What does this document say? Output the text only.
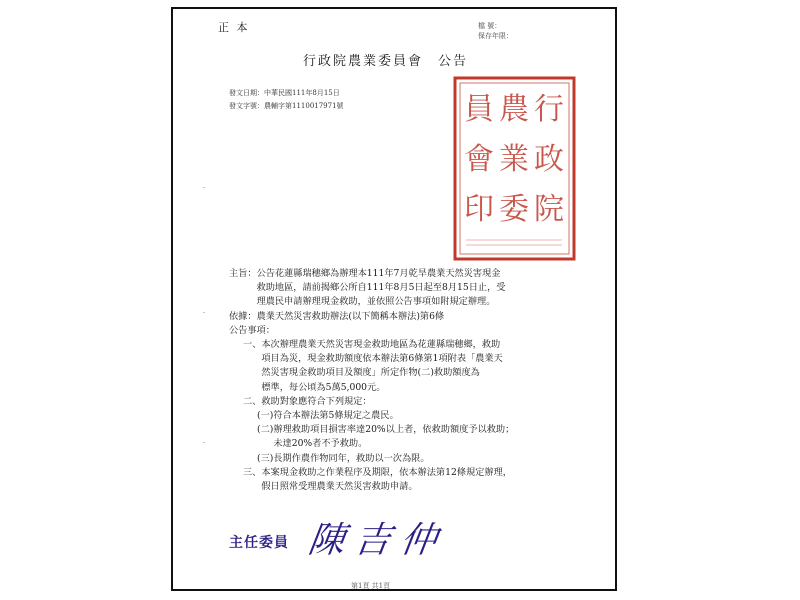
正 本	檔 號：
保存年限：
行政院農業委員會　公告
發文日期：中華民國111年8月15日
發文字號：農輔字第1110017971號	行
政
院
農
業
委
員
會
印
·
·
·
主旨： 公告花蓮縣瑞穗鄉為辦理本111年7月乾旱農業天然災害現金
救助地區，請前揭鄉公所自111年8月5日起至8月15日止，受
理農民申請辦理現金救助，並依照公告事項如附規定辦理。
依據： 農業天然災害救助辦法(以下簡稱本辦法)第6條
公告事項：
一、 本次辦理農業天然災害現金救助地區為花蓮縣瑞穗鄉，救助
項目為災，現金救助額度依本辦法第6條第1項附表「農業天
然災害現金救助項目及額度」所定作物(二)救助額度為
標準，每公頃為5萬5,000元。
二、 救助對象應符合下列規定：
(一) 符合本辦法第5條規定之農民。
(二) 辦理救助項目損害率達20%以上者，依救助額度予以救助；
未達20%者不予救助。
(三) 長期作農作物同年，救助以一次為限。
三、 本案現金救助之作業程序及期限，依本辦法第12條規定辦理，
假日照常受理農業天然災害救助申請。
主任委員 陳吉仲
第1頁 共1頁
